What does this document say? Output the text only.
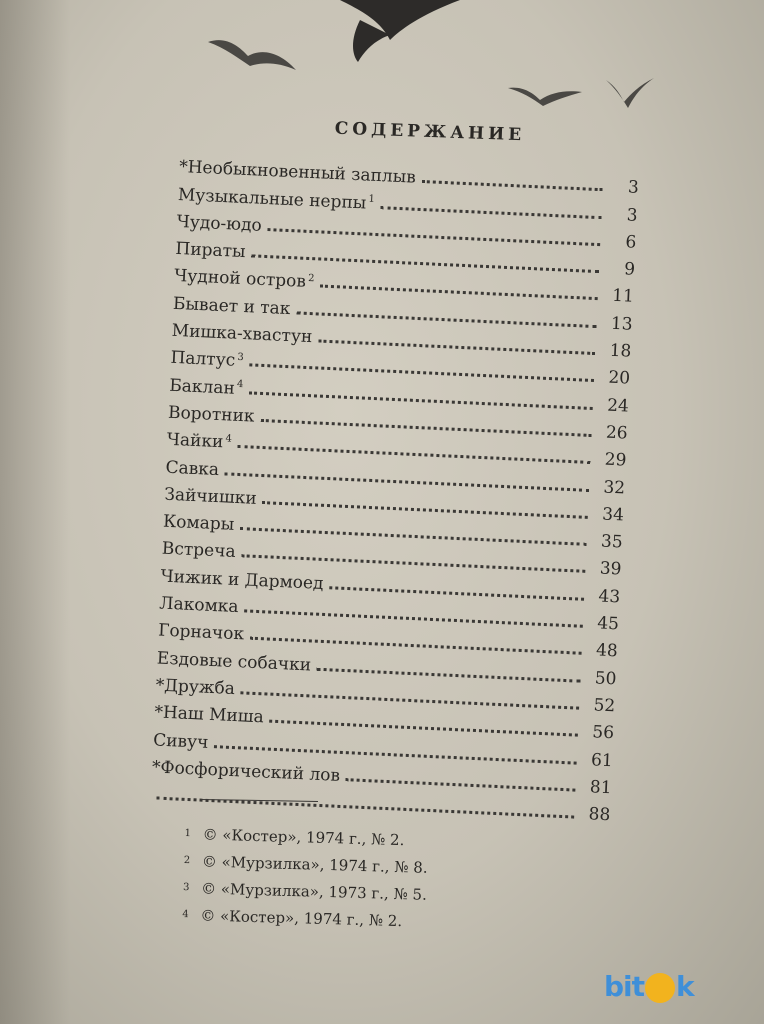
СОДЕРЖАНИЕ
*Необыкновенный заплыв	3
Музыкальные нерпы$^1$
3
Чудо-юдо
6
Пираты
9
Чудной остров$^2$
11
Бывает и так
13
Мишка-хвастун
18
Палтус$^3$
20
Баклан$^4$
24
Воротник
26
Чайки$^4$
29
Савка
32
Зайчишки
34
Комары
35
Встреча
39
Чижик и Дармоед
43
Лакомка
45
Горначок
48
Ездовые собачки
50
*Дружба
52
*Наш Миша
56
Сивуч
61
*Фосфорический лов
81
88
1 © «Костер», 1974 г., № 2.
2 © «Мурзилка», 1974 г., № 8.
3 © «Мурзилка», 1973 г., № 5.
4 © «Костер», 1974 г., № 2.
bit k
